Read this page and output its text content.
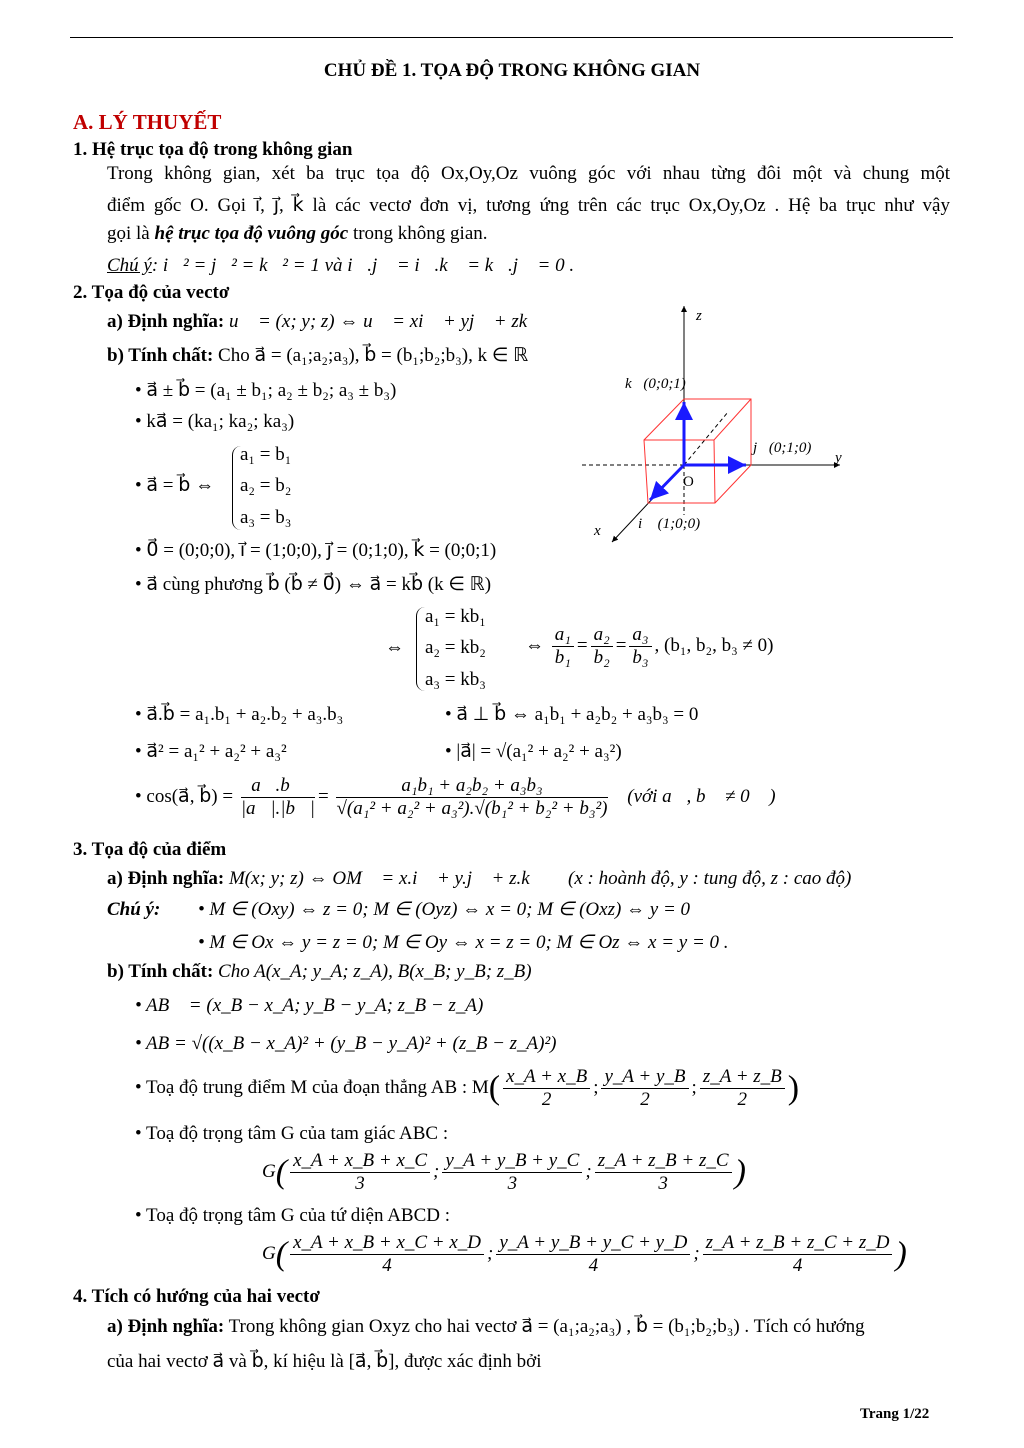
CHỦ ĐỀ 1. TỌA ĐỘ TRONG KHÔNG GIAN
A. LÝ THUYẾT
1. Hệ trục tọa độ trong không gian
Trong không gian, xét ba trục tọa độ Ox,Oy,Oz vuông góc với nhau từng đôi một và chung một
điểm gốc O. Gọi i⃗, j⃗, k⃗ là các vectơ đơn vị, tương ứng trên các trục Ox,Oy,Oz . Hệ ba trục như vậy
gọi là hệ trục tọa độ vuông góc trong không gian.
Chú ý: i⃗² = j⃗² = k⃗² = 1 và i⃗.j⃗ = i⃗.k⃗ = k⃗.j⃗ = 0 .
2. Tọa độ của vectơ
a) Định nghĩa: u⃗ = (x; y; z) ⇔ u⃗ = xi⃗ + yj⃗ + zk⃗
b) Tính chất: Cho a⃗ = (a₁;a₂;a₃), b⃗ = (b₁;b₂;b₃), k ∈ ℝ
• a⃗ ± b⃗ = (a₁ ± b₁; a₂ ± b₂; a₃ ± b₃)
• ka⃗ = (ka₁; ka₂; ka₃)
• a⃗ = b⃗ ⇔
a₁ = b₁
a₂ = b₂
a₃ = b₃
• 0⃗ = (0;0;0), i⃗ = (1;0;0), j⃗ = (0;1;0), k⃗ = (0;0;1)
• a⃗ cùng phương b⃗ (b⃗ ≠ 0⃗) ⇔ a⃗ = kb⃗ (k ∈ ℝ)
⇔
a₁ = kb₁
a₂ = kb₂
a₃ = kb₃
⇔ $\frac{\text{a₁}}{\text{b₁}} = \frac{\text{a₂}}{\text{b₂}} = \frac{\text{a₃}}{\text{b₃}}$ , (b₁, b₂, b₃ ≠ 0)
• a⃗.b⃗ = a₁.b₁ + a₂.b₂ + a₃.b₃	• a⃗ ⊥ b⃗ ⇔ a₁b₁ + a₂b₂ + a₃b₃ = 0
• a⃗² = a₁² + a₂² + a₃²	• |a⃗| = √(a₁² + a₂² + a₃²)
• cos(a⃗, b⃗) = $\frac{a⃗.b⃗}{|a⃗|.|b⃗|} = \frac{\text{a₁b₁ + a₂b₂ + a₃b₃}}{\text{√(a₁² + a₂² + a₃²).√(b₁² + b₂² + b₃²)}}$ (với a⃗, b⃗ ≠ 0⃗ )
z
y
x
O
k⃗(0;0;1)
j⃗(0;1;0)
i⃗ (1;0;0)
3. Tọa độ của điểm
a) Định nghĩa: M(x; y; z) ⇔ OM⃗ = x.i⃗ + y.j⃗ + z.k⃗ (x : hoành độ, y : tung độ, z : cao độ)
Chú ý: • M ∈ (Oxy) ⇔ z = 0; M ∈ (Oyz) ⇔ x = 0; M ∈ (Oxz) ⇔ y = 0
• M ∈ Ox ⇔ y = z = 0; M ∈ Oy ⇔ x = z = 0; M ∈ Oz ⇔ x = y = 0 .
b) Tính chất: Cho A(x_A; y_A; z_A), B(x_B; y_B; z_B)
• AB⃗ = (x_B − x_A; y_B − y_A; z_B − z_A)
• AB = √((x_B − x_A)² + (y_B − y_A)² + (z_B − z_A)²)
• Toạ độ trung điểm M của đoạn thẳng AB : $M( \frac{x\_A + x\_B}{2}$ ; $\frac{y\_A + y\_B}{2}$ ; $\frac{z\_A + z\_B}{2}$ )
• Toạ độ trọng tâm G của tam giác ABC :
$G( \frac{x\_A + x\_B + x\_C}{3}$ ; $\frac{y\_A + y\_B + y\_C}{3}$ ; $\frac{z\_A + z\_B + z\_C}{3}$ )
• Toạ độ trọng tâm G của tứ diện ABCD :
$G( \frac{x\_A + x\_B + x\_C + x\_D}{4}$ ; $\frac{y\_A + y\_B + y\_C + y\_D}{4}$ ; $\frac{z\_A + z\_B + z\_C + z\_D}{4}$ )
4. Tích có hướng của hai vectơ
a) Định nghĩa: Trong không gian Oxyz cho hai vectơ a⃗ = (a₁;a₂;a₃) , b⃗ = (b₁;b₂;b₃) . Tích có hướng
của hai vectơ a⃗ và b⃗, kí hiệu là [a⃗, b⃗], được xác định bởi
Trang 1/22
